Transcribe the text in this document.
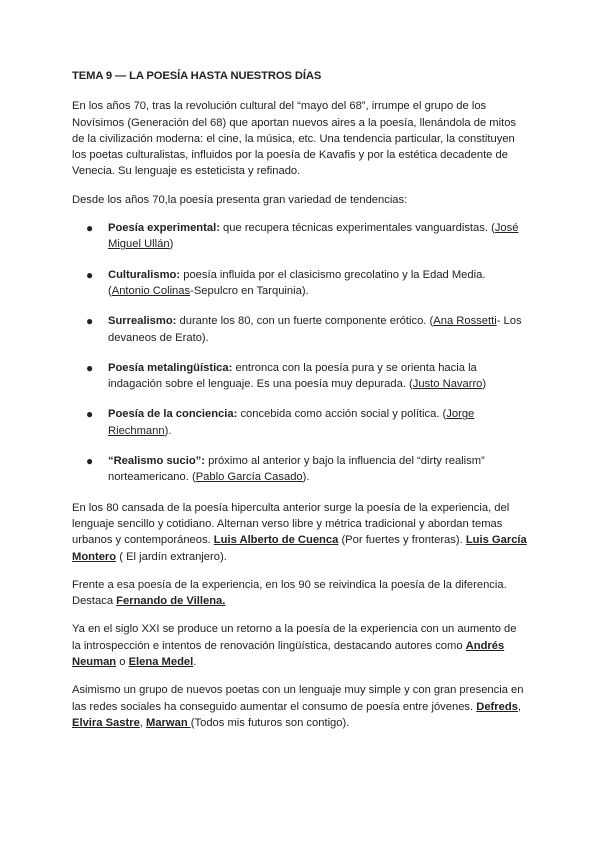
TEMA 9 — LA POESÍA HASTA NUESTROS DÍAS

En los años 70, tras la revolución cultural del “mayo del 68”, irrumpe el grupo de los Novísimos (Generación del 68) que aportan nuevos aires a la poesía, llenándola de mitos de la civilización moderna: el cine, la música, etc. Una tendencia particular, la constituyen los poetas culturalistas, influidos por la poesía de Kavafis y por la estética decadente de Venecia. Su lenguaje es esteticista y refinado.

Desde los años 70,la poesía presenta gran variedad de tendencias:

● Poesía experimental: que recupera técnicas experimentales vanguardistas. (José Miguel Ullán)
● Culturalismo: poesía influida por el clasicismo grecolatino y la Edad Media. (Antonio Colinas-Sepulcro en Tarquinia).
● Surrealismo: durante los 80, con un fuerte componente erótico. (Ana Rossetti- Los devaneos de Erato).
● Poesía metalingüística: entronca con la poesía pura y se orienta hacia la indagación sobre el lenguaje. Es una poesía muy depurada. (Justo Navarro)
● Poesía de la conciencia: concebida como acción social y política. (Jorge Riechmann).
● “Realismo sucio”: próximo al anterior y bajo la influencia del “dirty realism” norteamericano. (Pablo García Casado).

En los 80 cansada de la poesía hiperculta anterior surge la poesía de la experiencia, del lenguaje sencillo y cotidiano. Alternan verso libre y métrica tradicional y abordan temas urbanos y contemporáneos. Luis Alberto de Cuenca (Por fuertes y fronteras). Luis García Montero ( El jardín extranjero).

Frente a esa poesía de la experiencia, en los 90 se reivindica la poesía de la diferencia. Destaca Fernando de Villena.

Ya en el siglo XXI se produce un retorno a la poesía de la experiencia con un aumento de la introspección e intentos de renovación lingüística, destacando autores como Andrés Neuman o Elena Medel.

Asimismo un grupo de nuevos poetas con un lenguaje muy simple y con gran presencia en las redes sociales ha conseguido aumentar el consumo de poesía entre jóvenes. Defreds, Elvira Sastre, Marwan (Todos mis futuros son contigo).
